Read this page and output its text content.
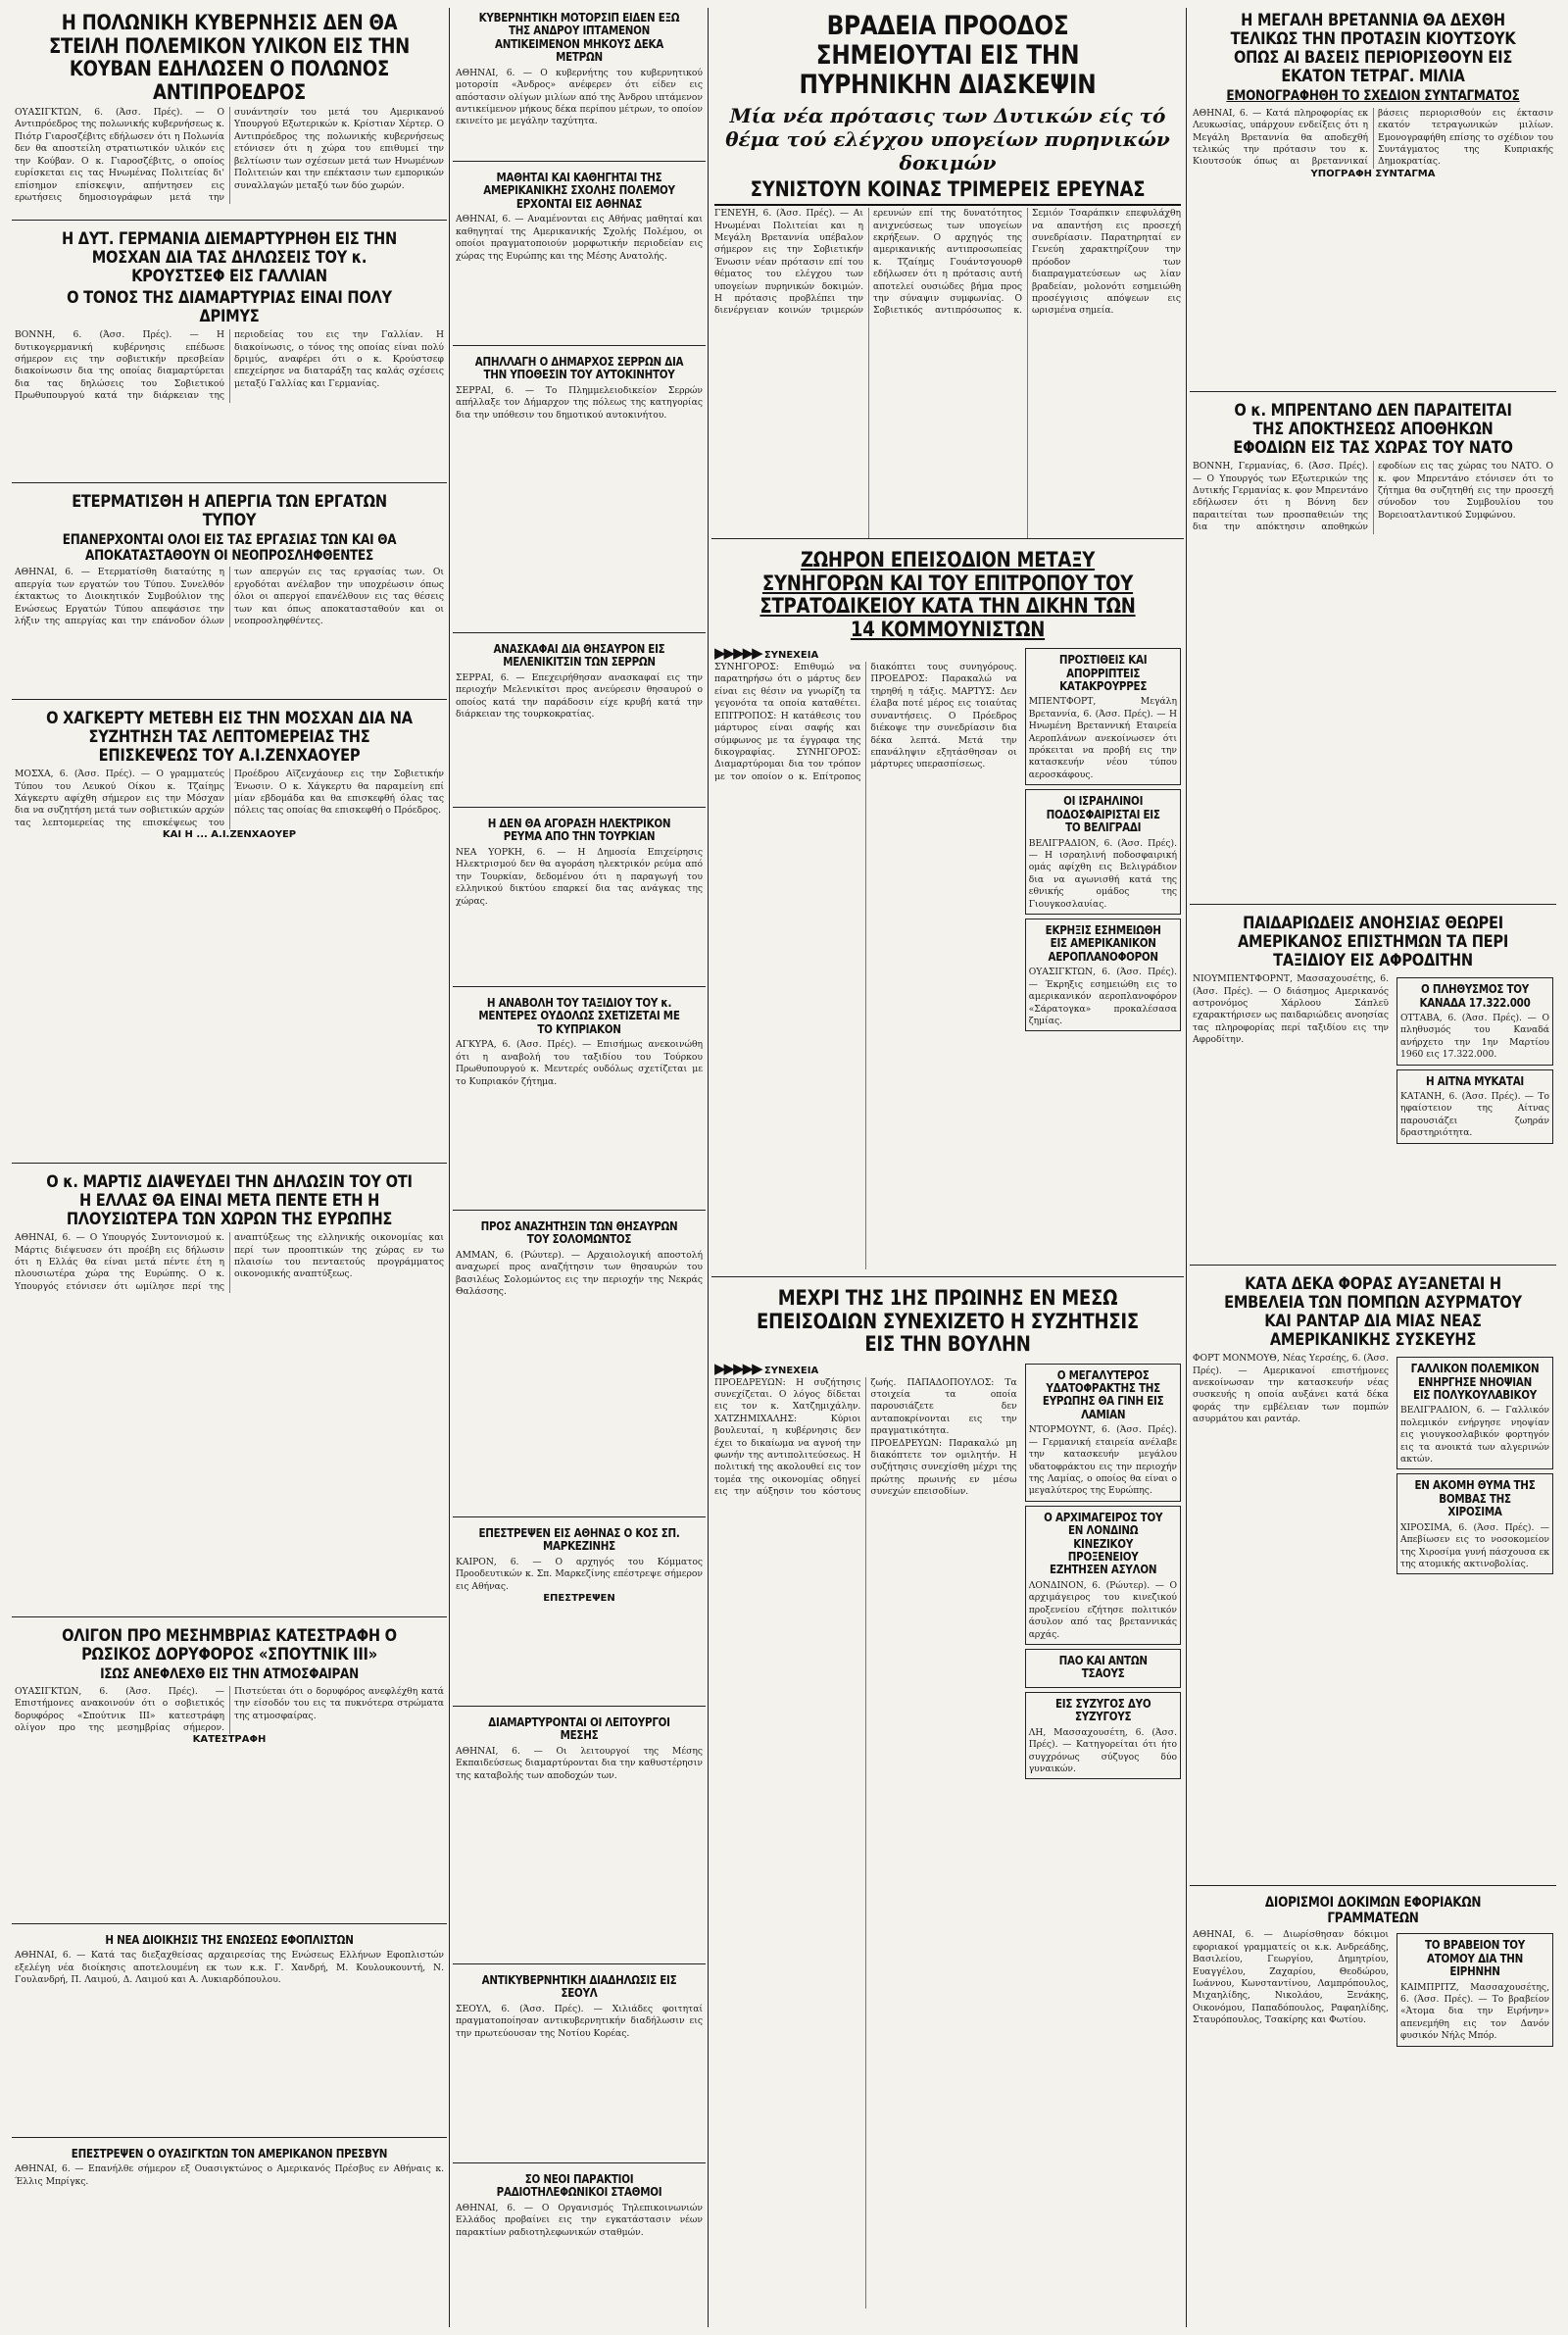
Η ΠΟΛΩΝΙΚΗ ΚΥΒΕΡΝΗΣΙΣ ΔΕΝ ΘΑ ΣΤΕΙΛΗ ΠΟΛΕΜΙΚΟΝ ΥΛΙΚΟΝ ΕΙΣ ΤΗΝ ΚΟΥΒΑΝ ΕΔΗΛΩΣΕΝ Ο ΠΟΛΩΝΟΣ ΑΝΤΙΠΡΟΕΔΡΟΣ
ΟΥΑΣΙΓΚΤΩΝ, 6. (Άσσ. Πρές). — Ο Αντιπρόεδρος της πολωνικής κυβερνήσεως κ. Πιότρ Γιαροσζέβιτς εδήλωσεν ότι η Πολωνία δεν θα αποστείλη στρατιωτικόν υλικόν εις την Κούβαν. Ο κ. Γιαροσζέβιτς, ο οποίος ευρίσκεται εις τας Ηνωμένας Πολιτείας δι' επίσημον επίσκεψιν, απήντησεν εις ερωτήσεις δημοσιογράφων μετά την συνάντησίν του μετά του Αμερικανού Υπουργού Εξωτερικών κ. Κρίστιαν Χέρτερ. Ο Αντιπρόεδρος της πολωνικής κυβερνήσεως ετόνισεν ότι η χώρα του επιθυμεί την βελτίωσιν των σχέσεων μετά των Ηνωμένων Πολιτειών και την επέκτασιν των εμπορικών συναλλαγών μεταξύ των δύο χωρών.
Η ΔΥΤ. ΓΕΡΜΑΝΙΑ ΔΙΕΜΑΡΤΥΡΗΘΗ ΕΙΣ ΤΗΝ ΜΟΣΧΑΝ ΔΙΑ ΤΑΣ ΔΗΛΩΣΕΙΣ ΤΟΥ κ. ΚΡΟΥΣΤΣΕΦ ΕΙΣ ΓΑΛΛΙΑΝ
Ο ΤΟΝΟΣ ΤΗΣ ΔΙΑΜΑΡΤΥΡΙΑΣ ΕΙΝΑΙ ΠΟΛΥ ΔΡΙΜΥΣ
ΒΟΝΝΗ, 6. (Άσσ. Πρές). — Η δυτικογερμανική κυβέρνησις επέδωσε σήμερον εις την σοβιετικήν πρεσβείαν διακοίνωσιν δια της οποίας διαμαρτύρεται δια τας δηλώσεις του Σοβιετικού Πρωθυπουργού κατά την διάρκειαν της περιοδείας του εις την Γαλλίαν. Η διακοίνωσις, ο τόνος της οποίας είναι πολύ δριμύς, αναφέρει ότι ο κ. Κρούστσεφ επεχείρησε να διαταράξη τας καλάς σχέσεις μεταξύ Γαλλίας και Γερμανίας.
ΕΤΕΡΜΑΤΙΣΘΗ Η ΑΠΕΡΓΙΑ ΤΩΝ ΕΡΓΑΤΩΝ ΤΥΠΟΥ
ΕΠΑΝΕΡΧΟΝΤΑΙ ΟΛΟΙ ΕΙΣ ΤΑΣ ΕΡΓΑΣΙΑΣ ΤΩΝ ΚΑΙ ΘΑ ΑΠΟΚΑΤΑΣΤΑΘΟΥΝ ΟΙ ΝΕΟΠΡΟΣΛΗΦΘΕΝΤΕΣ
ΑΘΗΝΑΙ, 6. — Ετερματίσθη διαταύτης η απεργία των εργατών του Τύπου. Συνελθόν έκτακτως το Διοικητικόν Συμβούλιον της Ενώσεως Εργατών Τύπου απεφάσισε την λήξιν της απεργίας και την επάνοδον όλων των απεργών εις τας εργασίας των. Οι εργοδόται ανέλαβον την υποχρέωσιν όπως όλοι οι απεργοί επανέλθουν εις τας θέσεις των και όπως αποκατασταθούν και οι νεοπροσληφθέντες.
Ο ΧΑΓΚΕΡΤΥ ΜΕΤΕΒΗ ΕΙΣ ΤΗΝ ΜΟΣΧΑΝ ΔΙΑ ΝΑ ΣΥΖΗΤΗΣΗ ΤΑΣ ΛΕΠΤΟΜΕΡΕΙΑΣ ΤΗΣ ΕΠΙΣΚΕΨΕΩΣ ΤΟΥ Α.Ι.ΖΕΝΧΑΟΥΕΡ
ΜΟΣΧΑ, 6. (Άσσ. Πρές). — Ο γραμματεύς Τύπου του Λευκού Οίκου κ. Τζαίημς Χάγκερτυ αφίχθη σήμερον εις την Μόσχαν δια να συζητήση μετά των σοβιετικών αρχών τας λεπτομερείας της επισκέψεως του Προέδρου Αϊζενχάουερ εις την Σοβιετικήν Ένωσιν. Ο κ. Χάγκερτυ θα παραμείνη επί μίαν εβδομάδα και θα επισκεφθή όλας τας πόλεις τας οποίας θα επισκεφθή ο Πρόεδρος.
ΚΑΙ Η ... Α.Ι.ΖΕΝΧΑΟΥΕΡ
Ο κ. ΜΑΡΤΙΣ ΔΙΑΨΕΥΔΕΙ ΤΗΝ ΔΗΛΩΣΙΝ ΤΟΥ ΟΤΙ Η ΕΛΛΑΣ ΘΑ ΕΙΝΑΙ ΜΕΤΑ ΠΕΝΤΕ ΕΤΗ Η ΠΛΟΥΣΙΩΤΕΡΑ ΤΩΝ ΧΩΡΩΝ ΤΗΣ ΕΥΡΩΠΗΣ
ΑΘΗΝΑΙ, 6. — Ο Υπουργός Συντονισμού κ. Μάρτις διέψευσεν ότι προέβη εις δήλωσιν ότι η Ελλάς θα είναι μετά πέντε έτη η πλουσιωτέρα χώρα της Ευρώπης. Ο κ. Υπουργός ετόνισεν ότι ωμίλησε περί της αναπτύξεως της ελληνικής οικονομίας και περί των προοπτικών της χώρας εν τω πλαισίω του πενταετούς προγράμματος οικονομικής αναπτύξεως.
ΟΛΙΓΟΝ ΠΡΟ ΜΕΣΗΜΒΡΙΑΣ ΚΑΤΕΣΤΡΑΦΗ Ο ΡΩΣΙΚΟΣ ΔΟΡΥΦΟΡΟΣ «ΣΠΟΥΤΝΙΚ ΙΙΙ»
ΙΣΩΣ ΑΝΕΦΛΕΧΘ ΕΙΣ ΤΗΝ ΑΤΜΟΣΦΑΙΡΑΝ
ΟΥΑΣΙΓΚΤΩΝ, 6. (Άσσ. Πρές). — Επιστήμονες ανακοινούν ότι ο σοβιετικός δορυφόρος «Σπούτνικ ΙΙΙ» κατεστράφη ολίγον προ της μεσημβρίας σήμερον. Πιστεύεται ότι ο δορυφόρος ανεφλέχθη κατά την είσοδόν του εις τα πυκνότερα στρώματα της ατμοσφαίρας.
ΚΑΤΕΣΤΡΑΦΗ
Η ΝΕΑ ΔΙΟΙΚΗΣΙΣ ΤΗΣ ΕΝΩΣΕΩΣ ΕΦΟΠΛΙΣΤΩΝ
ΑΘΗΝΑΙ, 6. — Κατά τας διεξαχθείσας αρχαιρεσίας της Ενώσεως Ελλήνων Εφοπλιστών εξελέγη νέα διοίκησις αποτελουμένη εκ των κ.κ. Γ. Χανδρή, Μ. Κουλουκουντή, Ν. Γουλανδρή, Π. Λαιμού, Δ. Λαιμού και Α. Λυκιαρδόπουλου.
ΕΠΕΣΤΡΕΨΕΝ Ο ΟΥΑΣΙΓΚΤΩΝ ΤΟΝ ΑΜΕΡΙΚΑΝΟΝ ΠΡΕΣΒΥΝ
ΑΘΗΝΑΙ, 6. — Επανήλθε σήμερον εξ Ουασιγκτώνος ο Αμερικανός Πρέσβυς εν Αθήναις κ. Έλλις Μπρίγκς.
ΚΥΒΕΡΝΗΤΙΚΗ ΜΟΤΟΡΣΙΠ ΕΙΔΕΝ ΕΞΩ ΤΗΣ ΑΝΔΡΟΥ ΙΠΤΑΜΕΝΟΝ ΑΝΤΙΚΕΙΜΕΝΟΝ ΜΗΚΟΥΣ ΔΕΚΑ ΜΕΤΡΩΝ
ΑΘΗΝΑΙ, 6. — Ο κυβερνήτης του κυβερνητικού μοτορσίπ «Άνδρος» ανέφερεν ότι είδεν εις απόστασιν ολίγων μιλίων από της Άνδρου ιπτάμενον αντικείμενον μήκους δέκα περίπου μέτρων, το οποίον εκινείτο με μεγάλην ταχύτητα.
ΜΑΘΗΤΑΙ ΚΑΙ ΚΑΘΗΓΗΤΑΙ ΤΗΣ ΑΜΕΡΙΚΑΝΙΚΗΣ ΣΧΟΛΗΣ ΠΟΛΕΜΟΥ ΕΡΧΟΝΤΑΙ ΕΙΣ ΑΘΗΝΑΣ
ΑΘΗΝΑΙ, 6. — Αναμένονται εις Αθήνας μαθηταί και καθηγηταί της Αμερικανικής Σχολής Πολέμου, οι οποίοι πραγματοποιούν μορφωτικήν περιοδείαν εις χώρας της Ευρώπης και της Μέσης Ανατολής.
ΑΠΗΛΛΑΓΗ Ο ΔΗΜΑΡΧΟΣ ΣΕΡΡΩΝ ΔΙΑ ΤΗΝ ΥΠΟΘΕΣΙΝ ΤΟΥ ΑΥΤΟΚΙΝΗΤΟΥ
ΣΕΡΡΑΙ, 6. — Το Πλημμελειοδικείον Σερρών απήλλαξε τον Δήμαρχον της πόλεως της κατηγορίας δια την υπόθεσιν του δημοτικού αυτοκινήτου.
ΑΝΑΣΚΑΦΑΙ ΔΙΑ ΘΗΣΑΥΡΟΝ ΕΙΣ ΜΕΛΕΝΙΚΙΤΣΙΝ ΤΩΝ ΣΕΡΡΩΝ
ΣΕΡΡΑΙ, 6. — Επεχειρήθησαν ανασκαφαί εις την περιοχήν Μελενικίτσι προς ανεύρεσιν θησαυρού ο οποίος κατά την παράδοσιν είχε κρυβή κατά την διάρκειαν της τουρκοκρατίας.
Η ΔΕΝ ΘΑ ΑΓΟΡΑΣΗ ΗΛΕΚΤΡΙΚΟΝ ΡΕΥΜΑ ΑΠΟ ΤΗΝ ΤΟΥΡΚΙΑΝ
ΝΕΑ ΥΟΡΚΗ, 6. — Η Δημοσία Επιχείρησις Ηλεκτρισμού δεν θα αγοράση ηλεκτρικόν ρεύμα από την Τουρκίαν, δεδομένου ότι η παραγωγή του ελληνικού δικτύου επαρκεί δια τας ανάγκας της χώρας.
Η ΑΝΑΒΟΛΗ ΤΟΥ ΤΑΞΙΔΙΟΥ ΤΟΥ κ. ΜΕΝΤΕΡΕΣ ΟΥΔΟΛΩΣ ΣΧΕΤΙΖΕΤΑΙ ΜΕ ΤΟ ΚΥΠΡΙΑΚΟΝ
ΑΓΚΥΡΑ, 6. (Άσσ. Πρές). — Επισήμως ανεκοινώθη ότι η αναβολή του ταξιδίου του Τούρκου Πρωθυπουργού κ. Μεντερές ουδόλως σχετίζεται με το Κυπριακόν ζήτημα.
ΠΡΟΣ ΑΝΑΖΗΤΗΣΙΝ ΤΩΝ ΘΗΣΑΥΡΩΝ ΤΟΥ ΣΟΛΟΜΩΝΤΟΣ
ΑΜΜΑΝ, 6. (Ρώυτερ). — Αρχαιολογική αποστολή αναχωρεί προς αναζήτησιν των θησαυρών του βασιλέως Σολομώντος εις την περιοχήν της Νεκράς Θαλάσσης.
ΕΠΕΣΤΡΕΨΕΝ ΕΙΣ ΑΘΗΝΑΣ Ο ΚΟΣ ΣΠ. ΜΑΡΚΕΖΙΝΗΣ
ΚΑΙΡΟΝ, 6. — Ο αρχηγός του Κόμματος Προοδευτικών κ. Σπ. Μαρκεζίνης επέστρεψε σήμερον εις Αθήνας.
ΕΠΕΣΤΡΕΨΕΝ
ΔΙΑΜΑΡΤΥΡΟΝΤΑΙ ΟΙ ΛΕΙΤΟΥΡΓΟΙ ΜΕΣΗΣ
ΑΘΗΝΑΙ, 6. — Οι λειτουργοί της Μέσης Εκπαιδεύσεως διαμαρτύρονται δια την καθυστέρησιν της καταβολής των αποδοχών των.
ΑΝΤΙΚΥΒΕΡΝΗΤΙΚΗ ΔΙΑΔΗΛΩΣΙΣ ΕΙΣ ΣΕΟΥΛ
ΣΕΟΥΛ, 6. (Άσσ. Πρές). — Χιλιάδες φοιτηταί πραγματοποίησαν αντικυβερνητικήν διαδήλωσιν εις την πρωτεύουσαν της Νοτίου Κορέας.
ΣΟ ΝΕΟΙ ΠΑΡΑΚΤΙΟΙ ΡΑΔΙΟΤΗΛΕΦΩΝΙΚΟΙ ΣΤΑΘΜΟΙ
ΑΘΗΝΑΙ, 6. — Ο Οργανισμός Τηλεπικοινωνιών Ελλάδος προβαίνει εις την εγκατάστασιν νέων παρακτίων ραδιοτηλεφωνικών σταθμών.
ΒΡΑΔΕΙΑ ΠΡΟΟΔΟΣ ΣΗΜΕΙΟΥΤΑΙ ΕΙΣ ΤΗΝ ΠΥΡΗΝΙΚΗΝ ΔΙΑΣΚΕΨΙΝ
Μία νέα πρότασις των Δυτικών είς τό θέμα τού ελέγχου υπογείων πυρηνικών δοκιμών
ΣΥΝΙΣΤΟΥΝ ΚΟΙΝΑΣ ΤΡΙΜΕΡΕΙΣ ΕΡΕΥΝΑΣ
ΓΕΝΕΥΗ, 6. (Άσσ. Πρές). — Αι Ηνωμέναι Πολιτείαι και η Μεγάλη Βρεταννία υπέβαλον σήμερον εις την Σοβιετικήν Ένωσιν νέαν πρότασιν επί του θέματος του ελέγχου των υπογείων πυρηνικών δοκιμών. Η πρότασις προβλέπει την διενέργειαν κοινών τριμερών ερευνών επί της δυνατότητος ανιχνεύσεως των υπογείων εκρήξεων. Ο αρχηγός της αμερικανικής αντιπροσωπείας κ. Τζαίημς Γουάντσγουορθ εδήλωσεν ότι η πρότασις αυτή αποτελεί ουσιώδες βήμα προς την σύναψιν συμφωνίας. Ο Σοβιετικός αντιπρόσωπος κ. Σεμιόν Τσαράπκιν επεφυλάχθη να απαντήση εις προσεχή συνεδρίασιν. Παρατηρηταί εν Γενεύη χαρακτηρίζουν την πρόοδον των διαπραγματεύσεων ως λίαν βραδείαν, μολονότι εσημειώθη προσέγγισις απόψεων εις ωρισμένα σημεία.
ΖΩΗΡΟΝ ΕΠΕΙΣΟΔΙΟΝ ΜΕΤΑΞΥ ΣΥΝΗΓΟΡΩΝ ΚΑΙ ΤΟΥ ΕΠΙΤΡΟΠΟΥ ΤΟΥ ΣΤΡΑΤΟΔΙΚΕΙΟΥ ΚΑΤΑ ΤΗΝ ΔΙΚΗΝ ΤΩΝ 14 ΚΟΜΜΟΥΝΙΣΤΩΝ
▶▶▶▶▶ ΣΥΝΕΧΕΙΑ
ΣΥΝΗΓΟΡΟΣ: Επιθυμώ να παρατηρήσω ότι ο μάρτυς δεν είναι εις θέσιν να γνωρίζη τα γεγονότα τα οποία καταθέτει. ΕΠΙΤΡΟΠΟΣ: Η κατάθεσις του μάρτυρος είναι σαφής και σύμφωνος με τα έγγραφα της δικογραφίας. ΣΥΝΗΓΟΡΟΣ: Διαμαρτύρομαι δια τον τρόπον με τον οποίον ο κ. Επίτροπος διακόπτει τους συνηγόρους. ΠΡΟΕΔΡΟΣ: Παρακαλώ να τηρηθή η τάξις. ΜΑΡΤΥΣ: Δεν έλαβα ποτέ μέρος εις τοιαύτας συναντήσεις. Ο Πρόεδρος διέκοψε την συνεδρίασιν δια δέκα λεπτά. Μετά την επανάληψιν εξητάσθησαν οι μάρτυρες υπερασπίσεως.
ΠΡΟΣΤΙΘΕΙΣ ΚΑΙ ΑΠΟΡΡΙΠΤΕΙΣ ΚΑΤΑΚΡΟΥΡΡΕΣ
ΜΠΕΝΤΦΟΡΤ, Μεγάλη Βρεταννία, 6. (Άσσ. Πρές). — Η Ηνωμένη Βρεταννική Εταιρεία Αεροπλάνων ανεκοίνωσεν ότι πρόκειται να προβή εις την κατασκευήν νέου τύπου αεροσκάφους.
ΟΙ ΙΣΡΑΗΛΙΝΟΙ ΠΟΔΟΣΦΑΙΡΙΣΤΑΙ ΕΙΣ ΤΟ ΒΕΛΙΓΡΑΔΙ
ΒΕΛΙΓΡΑΔΙΟΝ, 6. (Άσσ. Πρές). — Η ισραηλινή ποδοσφαιρική ομάς αφίχθη εις Βελιγράδιον δια να αγωνισθή κατά της εθνικής ομάδος της Γιουγκοσλαυίας.
ΕΚΡΗΞΙΣ ΕΣΗΜΕΙΩΘΗ ΕΙΣ ΑΜΕΡΙΚΑΝΙΚΟΝ ΑΕΡΟΠΛΑΝΟΦΟΡΟΝ
ΟΥΑΣΙΓΚΤΩΝ, 6. (Άσσ. Πρές). — Έκρηξις εσημειώθη εις το αμερικανικόν αεροπλανοφόρον «Σάρατογκα» προκαλέσασα ζημίας.
ΜΕΧΡΙ ΤΗΣ 1ΗΣ ΠΡΩΙΝΗΣ ΕΝ ΜΕΣΩ ΕΠΕΙΣΟΔΙΩΝ ΣΥΝΕΧΙΖΕΤΟ Η ΣΥΖΗΤΗΣΙΣ ΕΙΣ ΤΗΝ ΒΟΥΛΗΝ
▶▶▶▶▶ ΣΥΝΕΧΕΙΑ
ΠΡΟΕΔΡΕΥΩΝ: Η συζήτησις συνεχίζεται. Ο λόγος δίδεται εις τον κ. Χατζημιχάλην. ΧΑΤΖΗΜΙΧΑΛΗΣ: Κύριοι βουλευταί, η κυβέρνησις δεν έχει το δικαίωμα να αγνοή την φωνήν της αντιπολιτεύσεως. Η πολιτική της ακολουθεί εις τον τομέα της οικονομίας οδηγεί εις την αύξησιν του κόστους ζωής. ΠΑΠΑΔΟΠΟΥΛΟΣ: Τα στοιχεία τα οποία παρουσιάζετε δεν ανταποκρίνονται εις την πραγματικότητα. ΠΡΟΕΔΡΕΥΩΝ: Παρακαλώ μη διακόπτετε τον ομιλητήν. Η συζήτησις συνεχίσθη μέχρι της πρώτης πρωινής εν μέσω συνεχών επεισοδίων.
Ο ΜΕΓΑΛΥΤΕΡΟΣ ΥΔΑΤΟΦΡΑΚΤΗΣ ΤΗΣ ΕΥΡΩΠΗΣ ΘΑ ΓΙΝΗ ΕΙΣ ΛΑΜΙΑΝ
ΝΤΟΡΜΟΥΝΤ, 6. (Άσσ. Πρές). — Γερμανική εταιρεία ανέλαβε την κατασκευήν μεγάλου υδατοφράκτου εις την περιοχήν της Λαμίας, ο οποίος θα είναι ο μεγαλύτερος της Ευρώπης.
Ο ΑΡΧΙΜΑΓΕΙΡΟΣ ΤΟΥ ΕΝ ΛΟΝΔΙΝΩ ΚΙΝΕΖΙΚΟΥ ΠΡΟΞΕΝΕΙΟΥ ΕΖΗΤΗΣΕΝ ΑΣΥΛΟΝ
ΛΟΝΔΙΝΟΝ, 6. (Ρώυτερ). — Ο αρχιμάγειρος του κινεζικού προξενείου εζήτησε πολιτικόν άσυλον από τας βρεταννικάς αρχάς.
ΠΑΟ ΚΑΙ ΑΝΤΩΝ ΤΣΑΟΥΣ
ΕΙΣ ΣΥΖΥΓΟΣ ΔΥΟ ΣΥΖΥΓΟΥΣ
ΛΗ, Μασσαχουσέτη, 6. (Άσσ. Πρές). — Κατηγορείται ότι ήτο συγχρόνως σύζυγος δύο γυναικών.
Η ΜΕΓΑΛΗ ΒΡΕΤΑΝΝΙΑ ΘΑ ΔΕΧΘΗ ΤΕΛΙΚΩΣ ΤΗΝ ΠΡΟΤΑΣΙΝ ΚΙΟΥΤΣΟΥΚ ΟΠΩΣ ΑΙ ΒΑΣΕΙΣ ΠΕΡΙΟΡΙΣΘΟΥΝ ΕΙΣ ΕΚΑΤΟΝ ΤΕΤΡΑΓ. ΜΙΛΙΑ
ΕΜΟΝΟΓΡΑΦΗΘΗ ΤΟ ΣΧΕΔΙΟΝ ΣΥΝΤΑΓΜΑΤΟΣ
ΑΘΗΝΑΙ, 6. — Κατά πληροφορίας εκ Λευκωσίας, υπάρχουν ενδείξεις ότι η Μεγάλη Βρεταννία θα αποδεχθή τελικώς την πρότασιν του κ. Κιουτσούκ όπως αι βρεταννικαί βάσεις περιορισθούν εις έκτασιν εκατόν τετραγωνικών μιλίων. Εμονογραφήθη επίσης το σχέδιον του Συντάγματος της Κυπριακής Δημοκρατίας.
ΥΠΟΓΡΑΦΗ ΣΥΝΤΑΓΜΑ
Ο κ. ΜΠΡΕΝΤΑΝΟ ΔΕΝ ΠΑΡΑΙΤΕΙΤΑΙ ΤΗΣ ΑΠΟΚΤΗΣΕΩΣ ΑΠΟΘΗΚΩΝ ΕΦΟΔΙΩΝ ΕΙΣ ΤΑΣ ΧΩΡΑΣ ΤΟΥ ΝΑΤΟ
ΒΟΝΝΗ, Γερμανίας, 6. (Άσσ. Πρές). — Ο Υπουργός των Εξωτερικών της Δυτικής Γερμανίας κ. φον Μπρεντάνο εδήλωσεν ότι η Βόννη δεν παραιτείται των προσπαθειών της δια την απόκτησιν αποθηκών εφοδίων εις τας χώρας του ΝΑΤΟ. Ο κ. φον Μπρεντάνο ετόνισεν ότι το ζήτημα θα συζητηθή εις την προσεχή σύνοδον του Συμβουλίου του Βορειοατλαντικού Συμφώνου.
ΠΑΙΔΑΡΙΩΔΕΙΣ ΑΝΟΗΣΙΑΣ ΘΕΩΡΕΙ ΑΜΕΡΙΚΑΝΟΣ ΕΠΙΣΤΗΜΩΝ ΤΑ ΠΕΡΙ ΤΑΞΙΔΙΟΥ ΕΙΣ ΑΦΡΟΔΙΤΗΝ
ΝΙΟΥΜΠΕΝΤΦΟΡΝΤ, Μασσαχουσέτης, 6. (Άσσ. Πρές). — Ο διάσημος Αμερικανός αστρονόμος Χάρλοου Σάπλεϋ εχαρακτήρισεν ως παιδαριώδεις ανοησίας τας πληροφορίας περί ταξιδίου εις την Αφροδίτην.
Ο ΠΛΗΘΥΣΜΟΣ ΤΟΥ ΚΑΝΑΔΑ 17.322.000
ΟΤΤΑΒΑ, 6. (Άσσ. Πρές). — Ο πληθυσμός του Καναδά ανήρχετο την 1ην Μαρτίου 1960 εις 17.322.000.
Η ΑΙΤΝΑ ΜΥΚΑΤΑΙ
ΚΑΤΑΝΗ, 6. (Άσσ. Πρές). — Το ηφαίστειον της Αίτνας παρουσιάζει ζωηράν δραστηριότητα.
ΚΑΤΑ ΔΕΚΑ ΦΟΡΑΣ ΑΥΞΑΝΕΤΑΙ Η ΕΜΒΕΛΕΙΑ ΤΩΝ ΠΟΜΠΩΝ ΑΣΥΡΜΑΤΟΥ ΚΑΙ ΡΑΝΤΑΡ ΔΙΑ ΜΙΑΣ ΝΕΑΣ ΑΜΕΡΙΚΑΝΙΚΗΣ ΣΥΣΚΕΥΗΣ
ΦΟΡΤ ΜΟΝΜΟΥΘ, Νέας Υερσέης, 6. (Άσσ. Πρές). — Αμερικανοί επιστήμονες ανεκοίνωσαν την κατασκευήν νέας συσκευής η οποία αυξάνει κατά δέκα φοράς την εμβέλειαν των πομπών ασυρμάτου και ραντάρ.
ΓΑΛΛΙΚΟΝ ΠΟΛΕΜΙΚΟΝ ΕΝΗΡΓΗΣΕ ΝΗΟΨΙΑΝ ΕΙΣ ΠΟΛΥΚΟΥΛΑΒΙΚΟΥ
ΒΕΛΙΓΡΑΔΙΟΝ, 6. — Γαλλικόν πολεμικόν ενήργησε νηοψίαν εις γιουγκοσλαβικόν φορτηγόν εις τα ανοικτά των αλγερινών ακτών.
ΕΝ ΑΚΟΜΗ ΘΥΜΑ ΤΗΣ ΒΟΜΒΑΣ ΤΗΣ ΧΙΡΟΣΙΜΑ
ΧΙΡΟΣΙΜΑ, 6. (Άσσ. Πρές). — Απεβίωσεν εις το νοσοκομείον της Χιροσίμα γυνή πάσχουσα εκ της ατομικής ακτινοβολίας.
ΔΙΟΡΙΣΜΟΙ ΔΟΚΙΜΩΝ ΕΦΟΡΙΑΚΩΝ ΓΡΑΜΜΑΤΕΩΝ
ΑΘΗΝΑΙ, 6. — Διωρίσθησαν δόκιμοι εφοριακοί γραμματείς οι κ.κ. Ανδρεάδης, Βασιλείου, Γεωργίου, Δημητρίου, Ευαγγέλου, Ζαχαρίου, Θεοδώρου, Ιωάννου, Κωνσταντίνου, Λαμπρόπουλος, Μιχαηλίδης, Νικολάου, Ξενάκης, Οικονόμου, Παπαδόπουλος, Ραφαηλίδης, Σταυρόπουλος, Τσακίρης και Φωτίου.
ΤΟ ΒΡΑΒΕΙΟΝ ΤΟΥ ΑΤΟΜΟΥ ΔΙΑ ΤΗΝ ΕΙΡΗΝΗΝ
ΚΑΙΜΠΡΙΤΖ, Μασσαχουσέτης, 6. (Άσσ. Πρές). — Το βραβείον «Άτομα δια την Ειρήνην» απενεμήθη εις τον Δανόν φυσικόν Νήλς Μπόρ.
